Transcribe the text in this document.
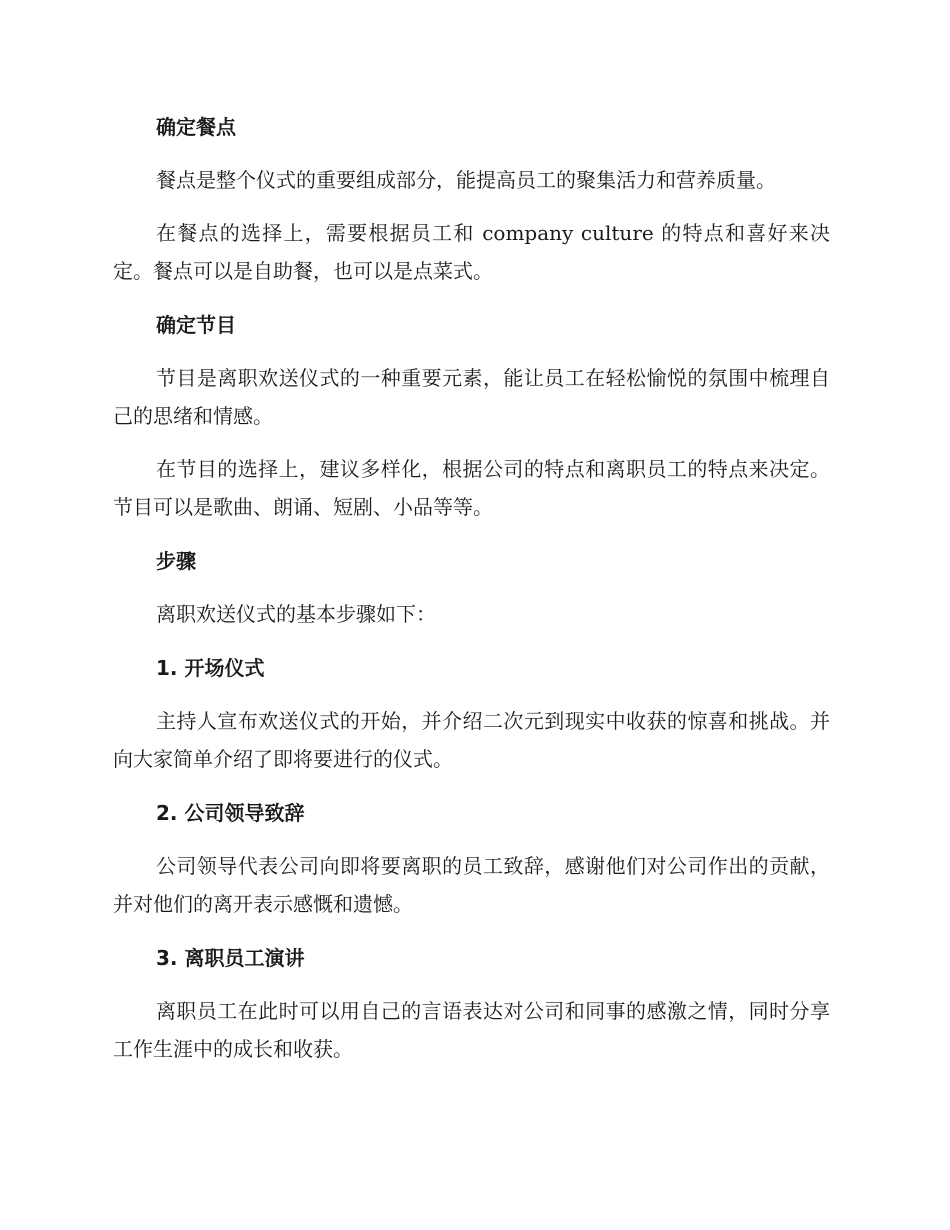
确定餐点

餐点是整个仪式的重要组成部分，能提高员工的聚集活力和营养质量。

在餐点的选择上，需要根据员工和 company culture 的特点和喜好来决定。餐点可以是自助餐，也可以是点菜式。

确定节目

节目是离职欢送仪式的一种重要元素，能让员工在轻松愉悦的氛围中梳理自己的思绪和情感。

在节目的选择上，建议多样化，根据公司的特点和离职员工的特点来决定。节目可以是歌曲、朗诵、短剧、小品等等。

步骤

离职欢送仪式的基本步骤如下：

1. 开场仪式

主持人宣布欢送仪式的开始，并介绍二次元到现实中收获的惊喜和挑战。并向大家简单介绍了即将要进行的仪式。

2. 公司领导致辞

公司领导代表公司向即将要离职的员工致辞，感谢他们对公司作出的贡献，并对他们的离开表示感慨和遗憾。

3. 离职员工演讲

离职员工在此时可以用自己的言语表达对公司和同事的感激之情，同时分享工作生涯中的成长和收获。
